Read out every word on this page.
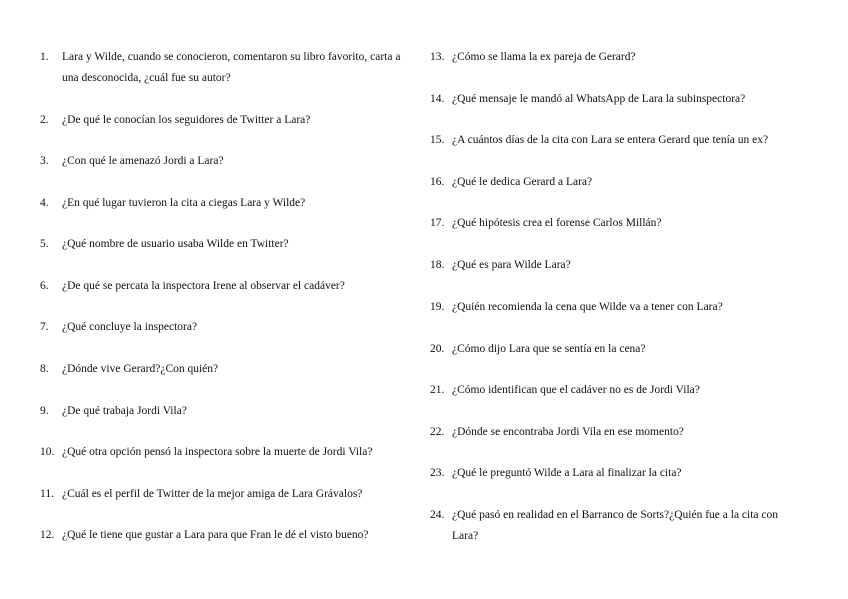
1. Lara y Wilde, cuando se conocieron, comentaron su libro favorito, carta a una desconocida, ¿cuál fue su autor?
2. ¿De qué le conocían los seguidores de Twitter a Lara?
3. ¿Con qué le amenazó Jordi a Lara?
4. ¿En qué lugar tuvieron la cita a ciegas Lara y Wilde?
5. ¿Qué nombre de usuario usaba Wilde en Twitter?
6. ¿De qué se percata la inspectora Irene al observar el cadáver?
7. ¿Qué concluye la inspectora?
8. ¿Dónde vive Gerard?¿Con quién?
9. ¿De qué trabaja Jordi Vila?
10. ¿Qué otra opción pensó la inspectora sobre la muerte de Jordi Vila?
11. ¿Cuál es el perfil de Twitter de la mejor amiga de Lara Grávalos?
12. ¿Qué le tiene que gustar a Lara para que Fran le dé el visto bueno?
13. ¿Cómo se llama la ex pareja de Gerard?
14. ¿Qué mensaje le mandó al WhatsApp de Lara la subinspectora?
15. ¿A cuántos días de la cita con Lara se entera Gerard que tenía un ex?
16. ¿Qué le dedica Gerard a Lara?
17. ¿Qué hipótesis crea el forense Carlos Millán?
18. ¿Qué es para Wilde Lara?
19. ¿Quién recomienda la cena que Wilde va a tener con Lara?
20. ¿Cómo dijo Lara que se sentía en la cena?
21. ¿Cómo identifican que el cadáver no es de Jordi Vila?
22. ¿Dónde se encontraba Jordi Vila en ese momento?
23. ¿Qué le preguntó Wilde a Lara al finalizar la cita?
24. ¿Qué pasó en realidad en el Barranco de Sorts?¿Quién fue a la cita con Lara?
